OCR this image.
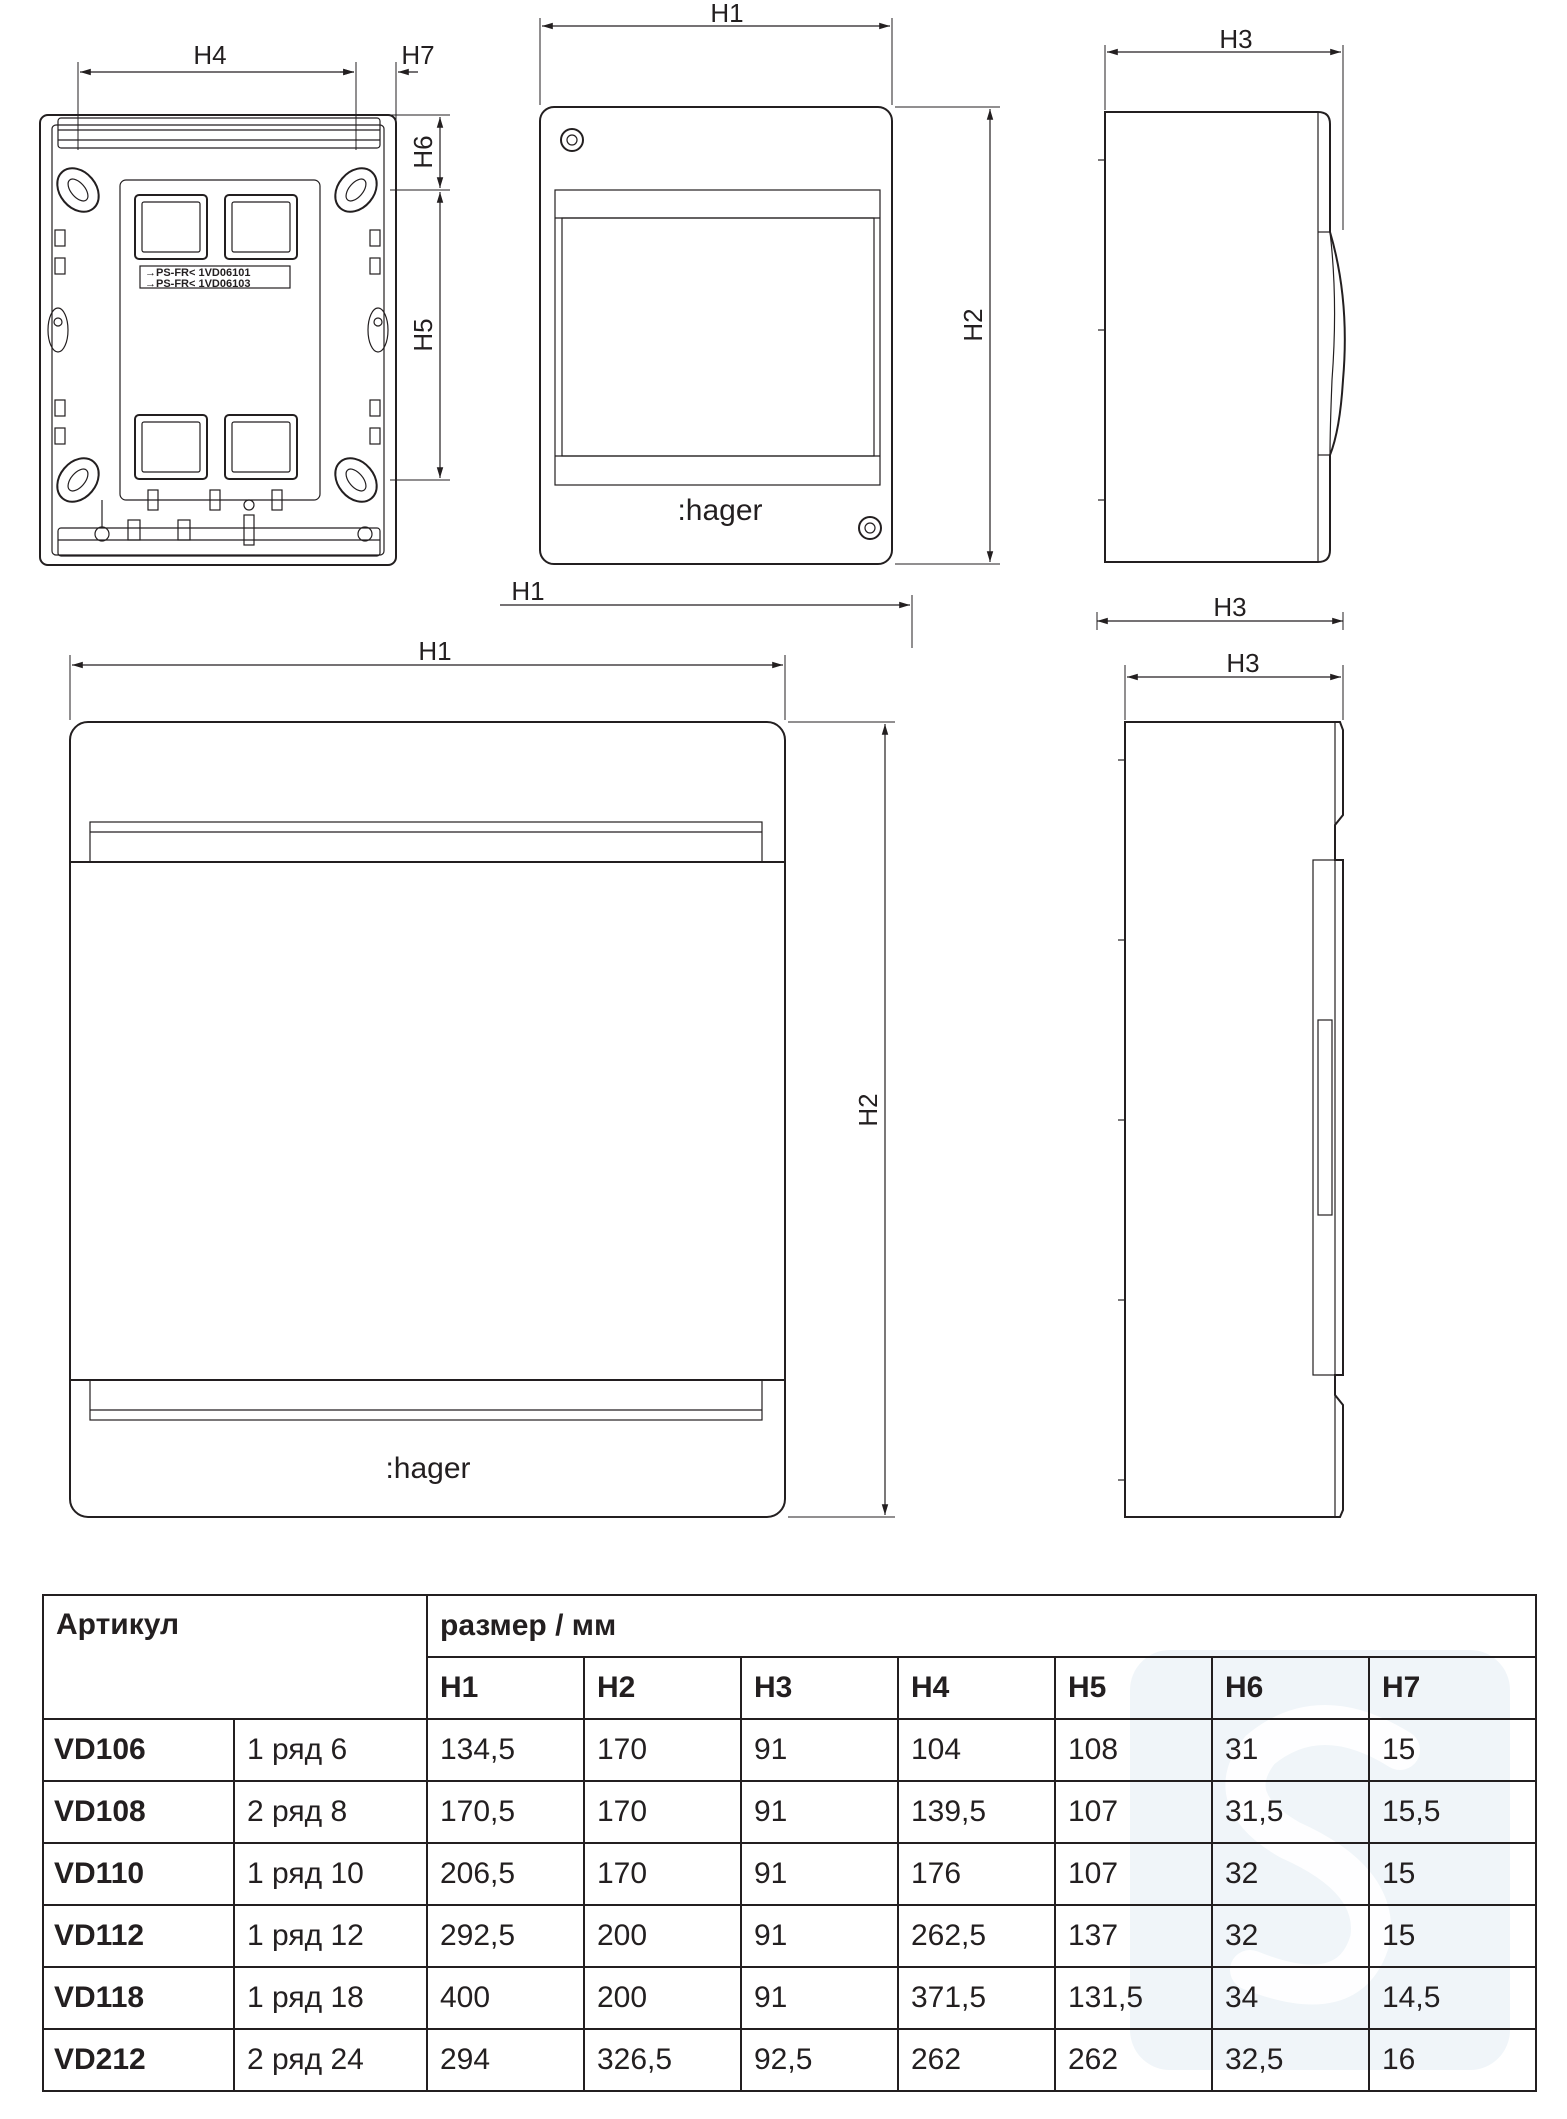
→PS-FR< 1VD06101
→PS-FR< 1VD06103
H4	H7
H6
H5
:hager
H1
H2
H3
H1
H3
:hager
H1
H2
H3
Артикул		размер / мм						
		H1	H2	H3	H4	H5	H6	H7
VD106	1 ряд 6	134,5	170	91	104	108	31	15
VD108	2 ряд 8	170,5	170	91	139,5	107	31,5	15,5
VD110	1 ряд 10	206,5	170	91	176	107	32	15
VD112	1 ряд 12	292,5	200	91	262,5	137	32	15
VD118	1 ряд 18	400	200	91	371,5	131,5	34	14,5
VD212	2 ряд 24	294	326,5	92,5	262	262	32,5	16
